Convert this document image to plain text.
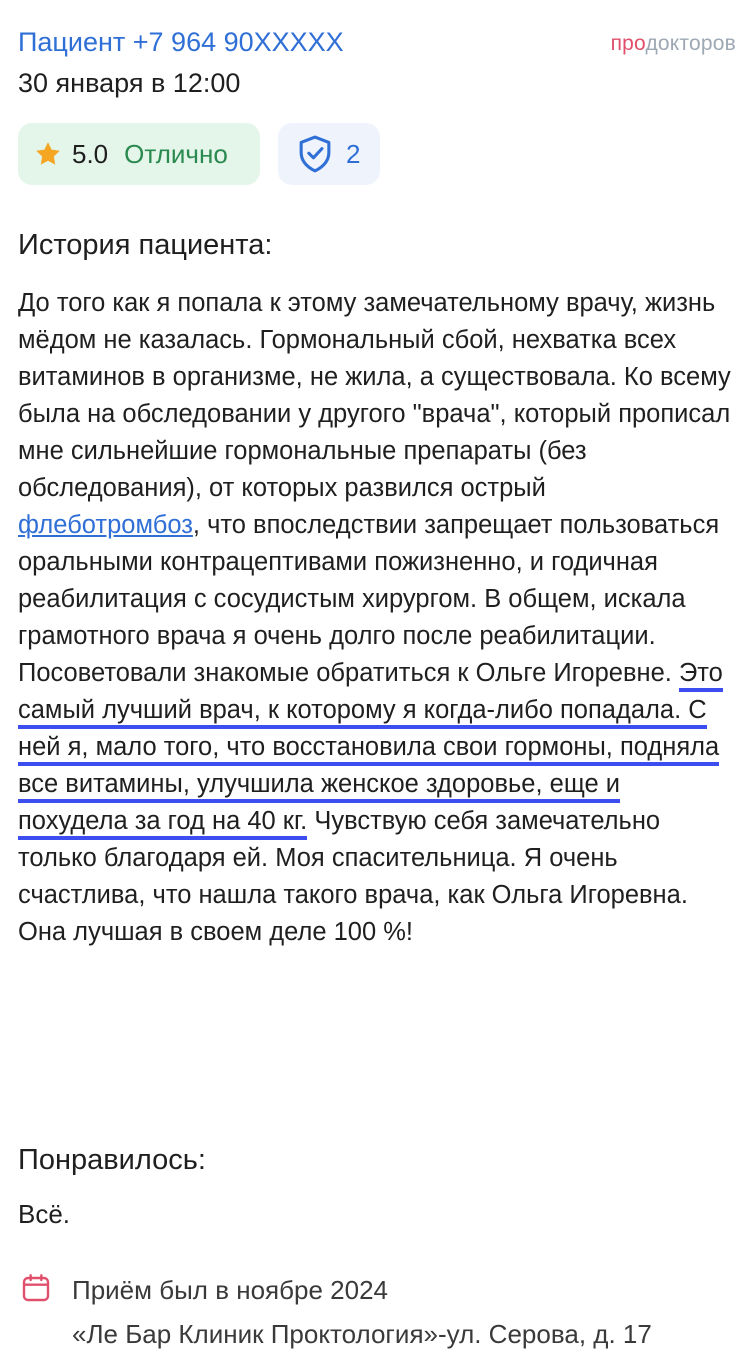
Пациент +7 964 90XXXXX	продокторов
30 января в 12:00
5.0 Отлично	2
История пациента:

До того как я попала к этому замечательному врачу, жизнь мёдом не казалась. Гормональный сбой, нехватка всех витаминов в организме, не жила, а существовала. Ко всему была на обследовании у другого "врача", который прописал мне сильнейшие гормональные препараты (без обследования), от которых развился острый флеботромбоз, что впоследствии запрещает пользоваться оральными контрацептивами пожизненно, и годичная реабилитация с сосудистым хирургом. В общем, искала грамотного врача я очень долго после реабилитации. Посоветовали знакомые обратиться к Ольге Игоревне. Это самый лучший врач, к которому я когда-либо попадала. С ней я, мало того, что восстановила свои гормоны, подняла все витамины, улучшила женское здоровье, еще и похудела за год на 40 кг. Чувствую себя замечательно только благодаря ей. Моя спасительница. Я очень счастлива, что нашла такого врача, как Ольга Игоревна. Она лучшая в своем деле 100 %!

Понравилось:
Всё.
Приём был в ноябре 2024
«Ле Бар Клиник Проктология»-ул. Серова, д. 17
